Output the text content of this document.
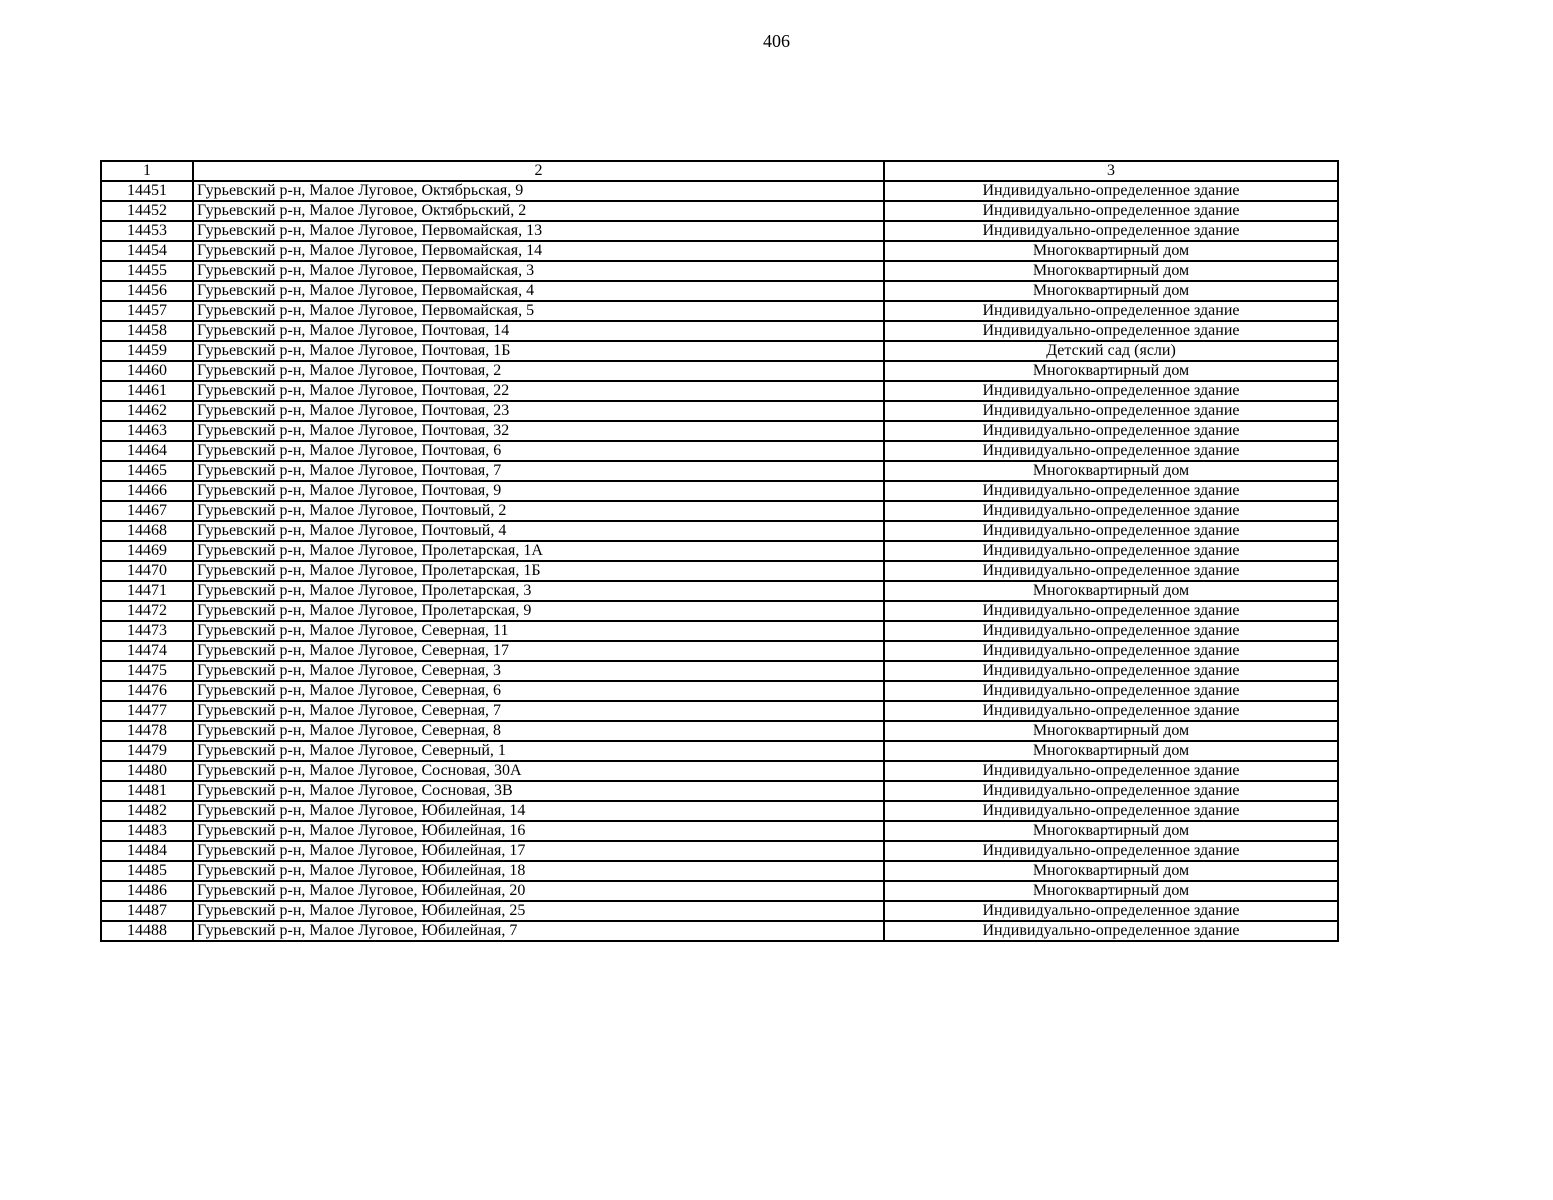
406
1	2	3
14451	Гурьевский р-н, Малое Луговое, Октябрьская, 9	Индивидуально-определенное здание
14452	Гурьевский р-н, Малое Луговое, Октябрьский, 2	Индивидуально-определенное здание
14453	Гурьевский р-н, Малое Луговое, Первомайская, 13	Индивидуально-определенное здание
14454	Гурьевский р-н, Малое Луговое, Первомайская, 14	Многоквартирный дом
14455	Гурьевский р-н, Малое Луговое, Первомайская, 3	Многоквартирный дом
14456	Гурьевский р-н, Малое Луговое, Первомайская, 4	Многоквартирный дом
14457	Гурьевский р-н, Малое Луговое, Первомайская, 5	Индивидуально-определенное здание
14458	Гурьевский р-н, Малое Луговое, Почтовая, 14	Индивидуально-определенное здание
14459	Гурьевский р-н, Малое Луговое, Почтовая, 1Б	Детский сад (ясли)
14460	Гурьевский р-н, Малое Луговое, Почтовая, 2	Многоквартирный дом
14461	Гурьевский р-н, Малое Луговое, Почтовая, 22	Индивидуально-определенное здание
14462	Гурьевский р-н, Малое Луговое, Почтовая, 23	Индивидуально-определенное здание
14463	Гурьевский р-н, Малое Луговое, Почтовая, 32	Индивидуально-определенное здание
14464	Гурьевский р-н, Малое Луговое, Почтовая, 6	Индивидуально-определенное здание
14465	Гурьевский р-н, Малое Луговое, Почтовая, 7	Многоквартирный дом
14466	Гурьевский р-н, Малое Луговое, Почтовая, 9	Индивидуально-определенное здание
14467	Гурьевский р-н, Малое Луговое, Почтовый, 2	Индивидуально-определенное здание
14468	Гурьевский р-н, Малое Луговое, Почтовый, 4	Индивидуально-определенное здание
14469	Гурьевский р-н, Малое Луговое, Пролетарская, 1А	Индивидуально-определенное здание
14470	Гурьевский р-н, Малое Луговое, Пролетарская, 1Б	Индивидуально-определенное здание
14471	Гурьевский р-н, Малое Луговое, Пролетарская, 3	Многоквартирный дом
14472	Гурьевский р-н, Малое Луговое, Пролетарская, 9	Индивидуально-определенное здание
14473	Гурьевский р-н, Малое Луговое, Северная, 11	Индивидуально-определенное здание
14474	Гурьевский р-н, Малое Луговое, Северная, 17	Индивидуально-определенное здание
14475	Гурьевский р-н, Малое Луговое, Северная, 3	Индивидуально-определенное здание
14476	Гурьевский р-н, Малое Луговое, Северная, 6	Индивидуально-определенное здание
14477	Гурьевский р-н, Малое Луговое, Северная, 7	Индивидуально-определенное здание
14478	Гурьевский р-н, Малое Луговое, Северная, 8	Многоквартирный дом
14479	Гурьевский р-н, Малое Луговое, Северный, 1	Многоквартирный дом
14480	Гурьевский р-н, Малое Луговое, Сосновая, 30А	Индивидуально-определенное здание
14481	Гурьевский р-н, Малое Луговое, Сосновая, 3В	Индивидуально-определенное здание
14482	Гурьевский р-н, Малое Луговое, Юбилейная, 14	Индивидуально-определенное здание
14483	Гурьевский р-н, Малое Луговое, Юбилейная, 16	Многоквартирный дом
14484	Гурьевский р-н, Малое Луговое, Юбилейная, 17	Индивидуально-определенное здание
14485	Гурьевский р-н, Малое Луговое, Юбилейная, 18	Многоквартирный дом
14486	Гурьевский р-н, Малое Луговое, Юбилейная, 20	Многоквартирный дом
14487	Гурьевский р-н, Малое Луговое, Юбилейная, 25	Индивидуально-определенное здание
14488	Гурьевский р-н, Малое Луговое, Юбилейная, 7	Индивидуально-определенное здание
